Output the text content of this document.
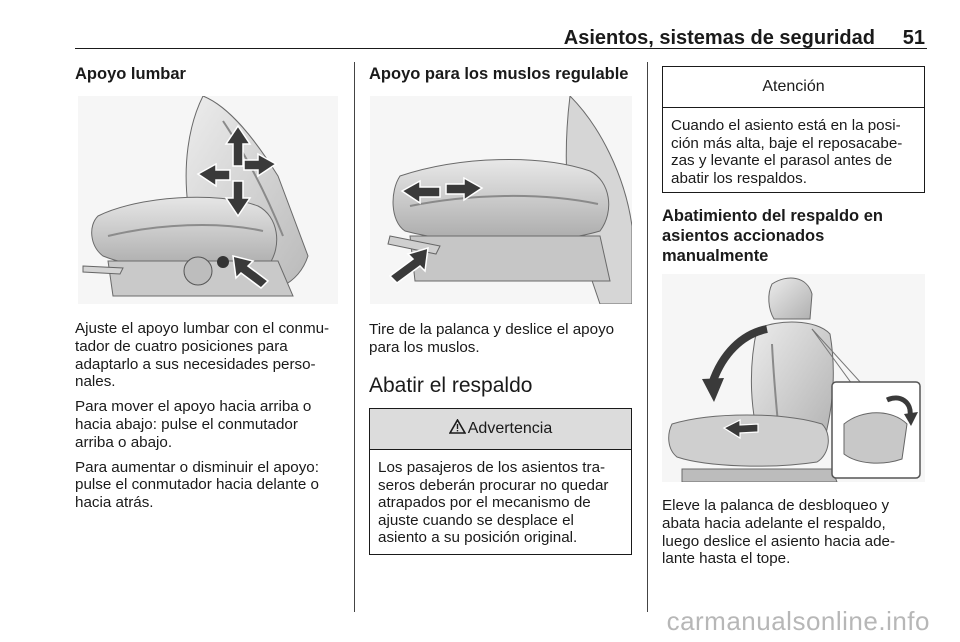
Asientos, sistemas de seguridad 51
Apoyo lumbar

Ajuste el apoyo lumbar con el conmu-
tador de cuatro posiciones para
adaptarlo a sus necesidades perso-
nales.

Para mover el apoyo hacia arriba o
hacia abajo: pulse el conmutador
arriba o abajo.

Para aumentar o disminuir el apoyo:
pulse el conmutador hacia delante o
hacia atrás.

Apoyo para los muslos regulable

Tire de la palanca y deslice el apoyo
para los muslos.

Abatir el respaldo
Advertencia
Los pasajeros de los asientos tra-
seros deberán procurar no quedar
atrapados por el mecanismo de
ajuste cuando se desplace el
asiento a su posición original.
Atención
Cuando el asiento está en la posi-
ción más alta, baje el reposacabe-
zas y levante el parasol antes de
abatir los respaldos.
Abatimiento del respaldo en
asientos accionados
manualmente

Eleve la palanca de desbloqueo y
abata hacia adelante el respaldo,
luego deslice el asiento hacia ade-
lante hasta el tope.

carmanualsonline.info
